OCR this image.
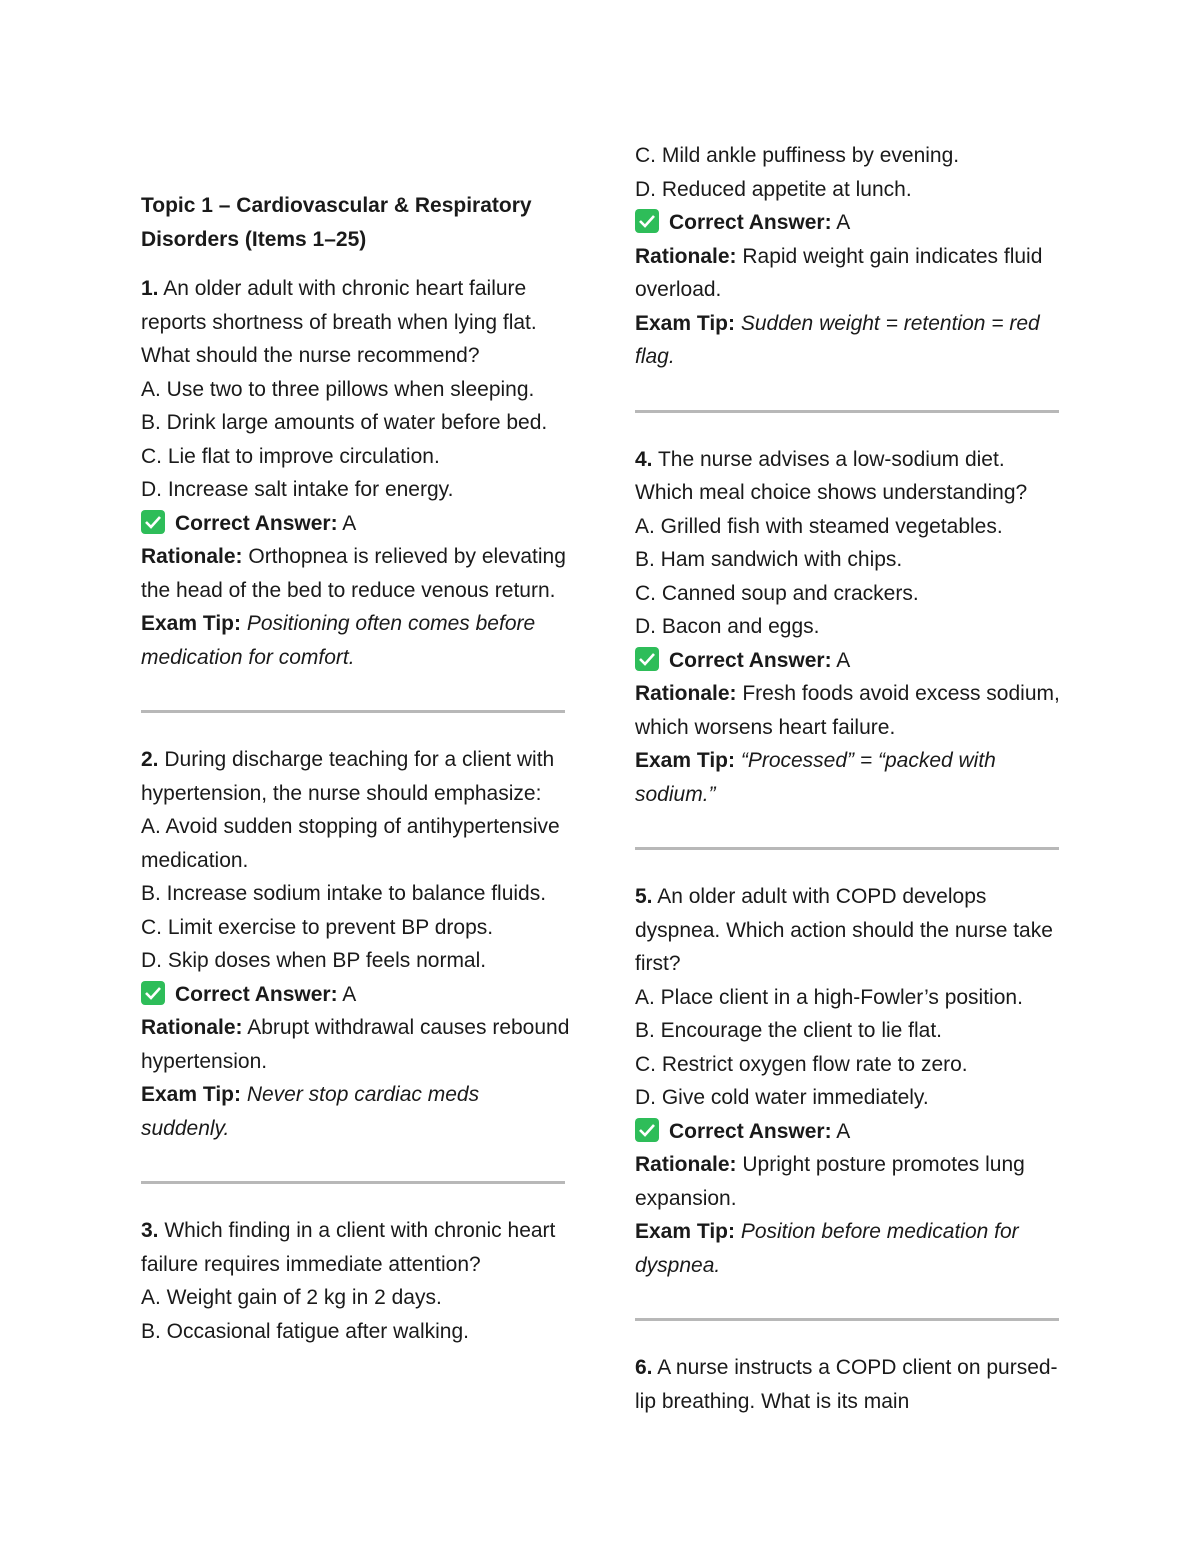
Topic 1 – Cardiovascular & Respiratory Disorders (Items 1–25)
1. An older adult with chronic heart failure reports shortness of breath when lying flat. What should the nurse recommend?
A. Use two to three pillows when sleeping.
B. Drink large amounts of water before bed.
C. Lie flat to improve circulation.
D. Increase salt intake for energy.
Correct Answer: A
Rationale: Orthopnea is relieved by elevating the head of the bed to reduce venous return.
Exam Tip: Positioning often comes before medication for comfort.
2. During discharge teaching for a client with hypertension, the nurse should emphasize:
A. Avoid sudden stopping of antihypertensive medication.
B. Increase sodium intake to balance fluids.
C. Limit exercise to prevent BP drops.
D. Skip doses when BP feels normal.
Correct Answer: A
Rationale: Abrupt withdrawal causes rebound hypertension.
Exam Tip: Never stop cardiac meds suddenly.
3. Which finding in a client with chronic heart failure requires immediate attention?
A. Weight gain of 2 kg in 2 days.
B. Occasional fatigue after walking.
C. Mild ankle puffiness by evening.
D. Reduced appetite at lunch.
Correct Answer: A
Rationale: Rapid weight gain indicates fluid overload.
Exam Tip: Sudden weight = retention = red flag.
4. The nurse advises a low-sodium diet. Which meal choice shows understanding?
A. Grilled fish with steamed vegetables.
B. Ham sandwich with chips.
C. Canned soup and crackers.
D. Bacon and eggs.
Correct Answer: A
Rationale: Fresh foods avoid excess sodium, which worsens heart failure.
Exam Tip: “Processed” = “packed with sodium.”
5. An older adult with COPD develops dyspnea. Which action should the nurse take first?
A. Place client in a high-Fowler’s position.
B. Encourage the client to lie flat.
C. Restrict oxygen flow rate to zero.
D. Give cold water immediately.
Correct Answer: A
Rationale: Upright posture promotes lung expansion.
Exam Tip: Position before medication for dyspnea.
6. A nurse instructs a COPD client on pursed-lip breathing. What is its main
